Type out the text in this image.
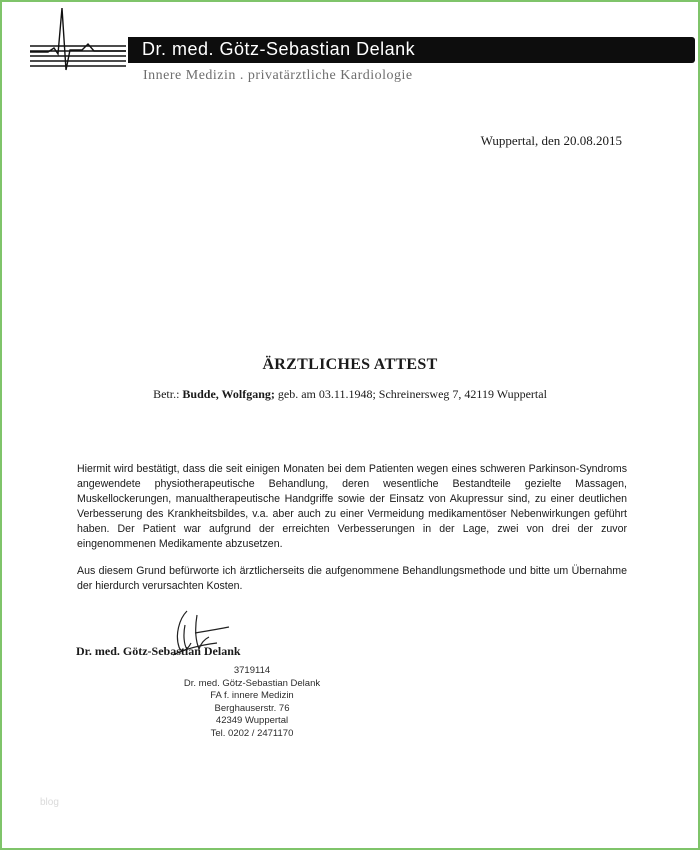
Dr. med. Götz-Sebastian Delank
Innere Medizin . privatärztliche Kardiologie
Wuppertal, den 20.08.2015
ÄRZTLICHES ATTEST
Betr.: Budde, Wolfgang; geb. am 03.11.1948; Schreinersweg 7, 42119 Wuppertal

Hiermit wird bestätigt, dass die seit einigen Monaten bei dem Patienten wegen eines schweren Parkinson-Syndroms angewendete physiotherapeutische Behandlung, deren wesentliche Bestandteile gezielte Massagen, Muskellockerungen, manualtherapeutische Handgriffe sowie der Einsatz von Akupressur sind, zu einer deutlichen Verbesserung des Krankheitsbildes, v.a. aber auch zu einer Vermeidung medikamentöser Nebenwirkungen geführt haben. Der Patient war aufgrund der erreichten Verbesserungen in der Lage, zwei von drei der zuvor eingenommenen Medikamente abzusetzen.

Aus diesem Grund befürworte ich ärztlicherseits die aufgenommene Behandlungsmethode und bitte um Übernahme der hierdurch verursachten Kosten.

Dr. med. Götz-Sebastian Delank
3719114
Dr. med. Götz-Sebastian Delank
FA f. innere Medizin
Berghauserstr. 76
42349 Wuppertal
Tel. 0202 / 2471170
blog
